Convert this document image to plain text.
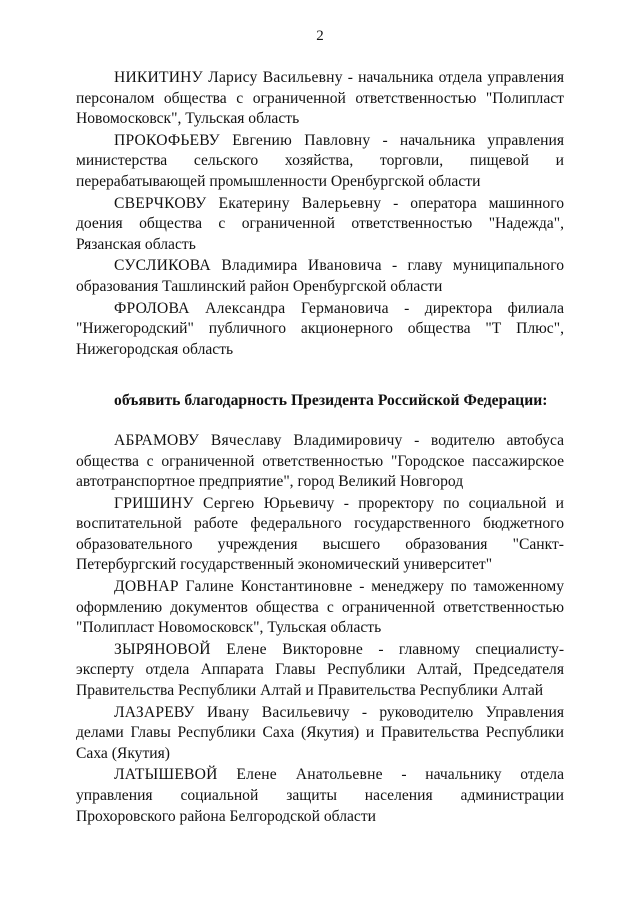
2

НИКИТИНУ Ларису Васильевну - начальника отдела управления персоналом общества с ограниченной ответственностью "Полипласт Новомосковск", Тульская область

ПРОКОФЬЕВУ Евгению Павловну - начальника управления министерства сельского хозяйства, торговли, пищевой и перерабатывающей промышленности Оренбургской области

СВЕРЧКОВУ Екатерину Валерьевну - оператора машинного доения общества с ограниченной ответственностью "Надежда", Рязанская область

СУСЛИКОВА Владимира Ивановича - главу муниципального образования Ташлинский район Оренбургской области

ФРОЛОВА Александра Германовича - директора филиала "Нижегородский" публичного акционерного общества "Т Плюс", Нижегородская область

объявить благодарность Президента Российской Федерации:

АБРАМОВУ Вячеславу Владимировичу - водителю автобуса общества с ограниченной ответственностью "Городское пассажирское автотранспортное предприятие", город Великий Новгород

ГРИШИНУ Сергею Юрьевичу - проректору по социальной и воспитательной работе федерального государственного бюджетного образовательного учреждения высшего образования "Санкт-Петербургский государственный экономический университет"

ДОВНАР Галине Константиновне - менеджеру по таможенному оформлению документов общества с ограниченной ответственностью "Полипласт Новомосковск", Тульская область

ЗЫРЯНОВОЙ Елене Викторовне - главному специалисту-эксперту отдела Аппарата Главы Республики Алтай, Председателя Правительства Республики Алтай и Правительства Республики Алтай

ЛАЗАРЕВУ Ивану Васильевичу - руководителю Управления делами Главы Республики Саха (Якутия) и Правительства Республики Саха (Якутия)

ЛАТЫШЕВОЙ Елене Анатольевне - начальнику отдела управления социальной защиты населения администрации Прохоровского района Белгородской области
